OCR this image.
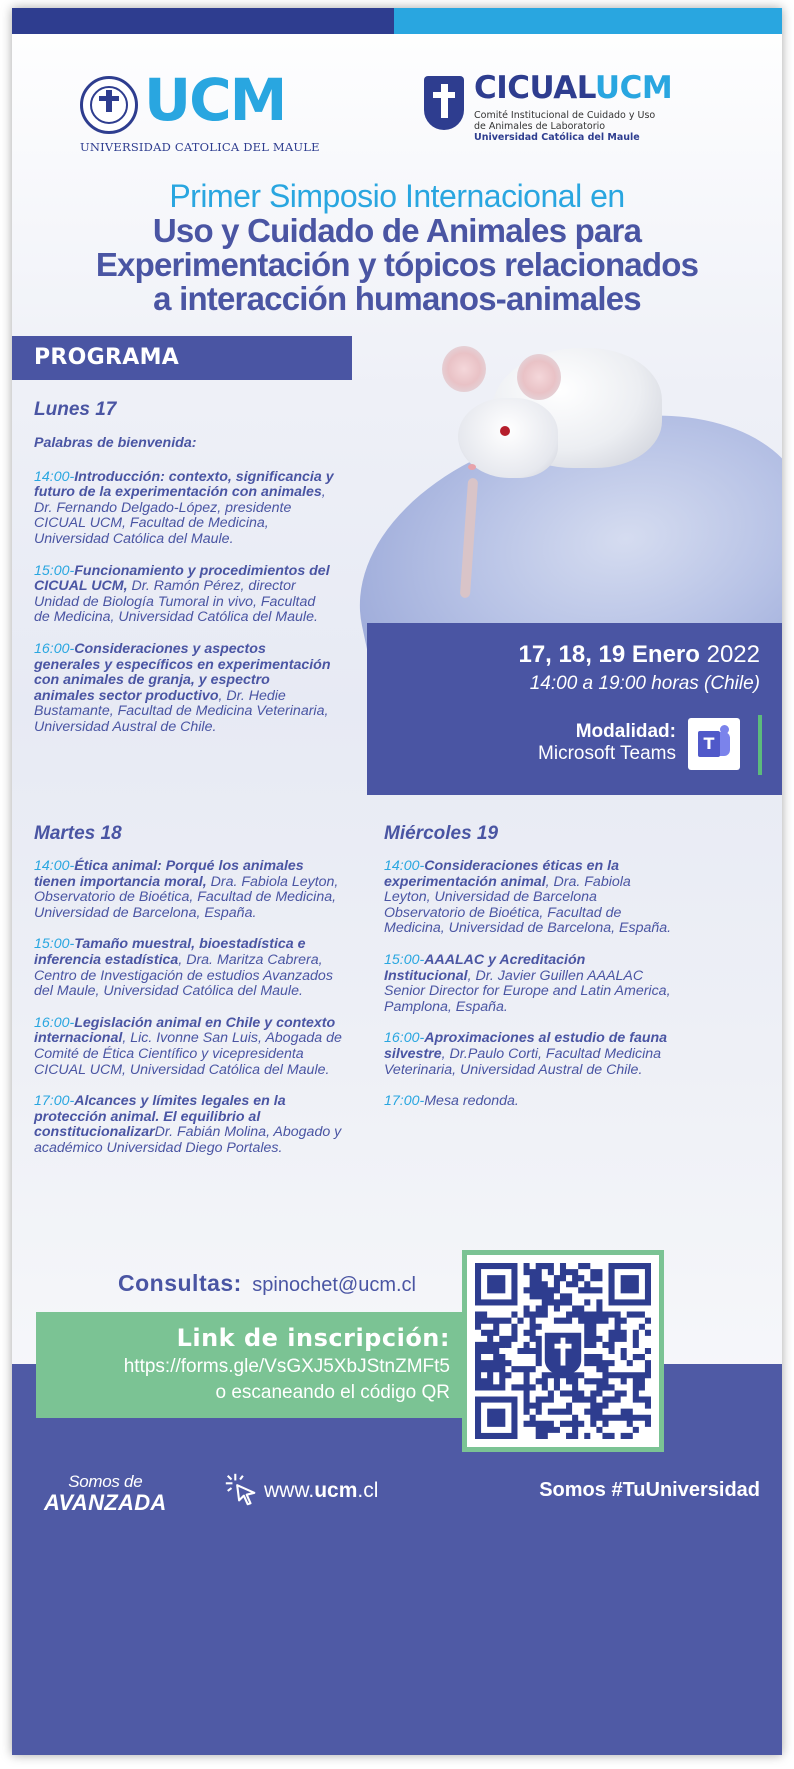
UCM
UNIVERSIDAD CATOLICA DEL MAULE
CICUALUCM
Comité Institucional de Cuidado y Uso
de Animales de Laboratorio
Universidad Católica del Maule
Primer Simposio Internacional en
Uso y Cuidado de Animales para
Experimentación y tópicos relacionados
a interacción humanos-animales
PROGRAMA
Lunes 17
Palabras de bienvenida:
14:00-Introducción: contexto, significancia y futuro de la experimentación con animales, Dr. Fernando Delgado-López, presidente CICUAL UCM, Facultad de Medicina, Universidad Católica del Maule.
15:00-Funcionamiento y procedimientos del CICUAL UCM, Dr. Ramón Pérez, director Unidad de Biología Tumoral in vivo, Facultad de Medicina, Universidad Católica del Maule.
16:00-Consideraciones y aspectos generales y específicos en experimentación con animales de granja, y espectro animales sector productivo, Dr. Hedie Bustamante, Facultad de Medicina Veterinaria, Universidad Austral de Chile.
17, 18, 19 Enero 2022
14:00 a 19:00 horas (Chile)
Modalidad:
Microsoft Teams	T
Martes 18
14:00-Ética animal: Porqué los animales tienen importancia moral, Dra. Fabiola Leyton, Observatorio de Bioética, Facultad de Medicina, Universidad de Barcelona, España.
15:00-Tamaño muestral, bioestadística e inferencia estadística, Dra. Maritza Cabrera, Centro de Investigación de estudios Avanzados del Maule, Universidad Católica del Maule.
16:00-Legislación animal en Chile y contexto internacional, Lic. Ivonne San Luis, Abogada de Comité de Ética Científico y vicepresidenta CICUAL UCM, Universidad Católica del Maule.
17:00-Alcances y límites legales en la protección animal. El equilibrio al constitucionalizarDr. Fabián Molina, Abogado y académico Universidad Diego Portales.
Miércoles 19
14:00-Consideraciones éticas en la experimentación animal, Dra. Fabiola Leyton, Universidad de Barcelona Observatorio de Bioética, Facultad de Medicina, Universidad de Barcelona, España.
15:00-AAALAC y Acreditación Institucional, Dr. Javier Guillen AAALAC Senior Director for Europe and Latin America, Pamplona, España.
16:00-Aproximaciones al estudio de fauna silvestre, Dr.Paulo Corti, Facultad Medicina Veterinaria, Universidad Austral de Chile.
17:00-Mesa redonda.
Consultas: spinochet@ucm.cl
Link de inscripción:
https://forms.gle/VsGXJ5XbJStnZMFt5
o escaneando el código QR
Somos de
AVANZADA	www.ucm.cl	Somos #TuUniversidad
